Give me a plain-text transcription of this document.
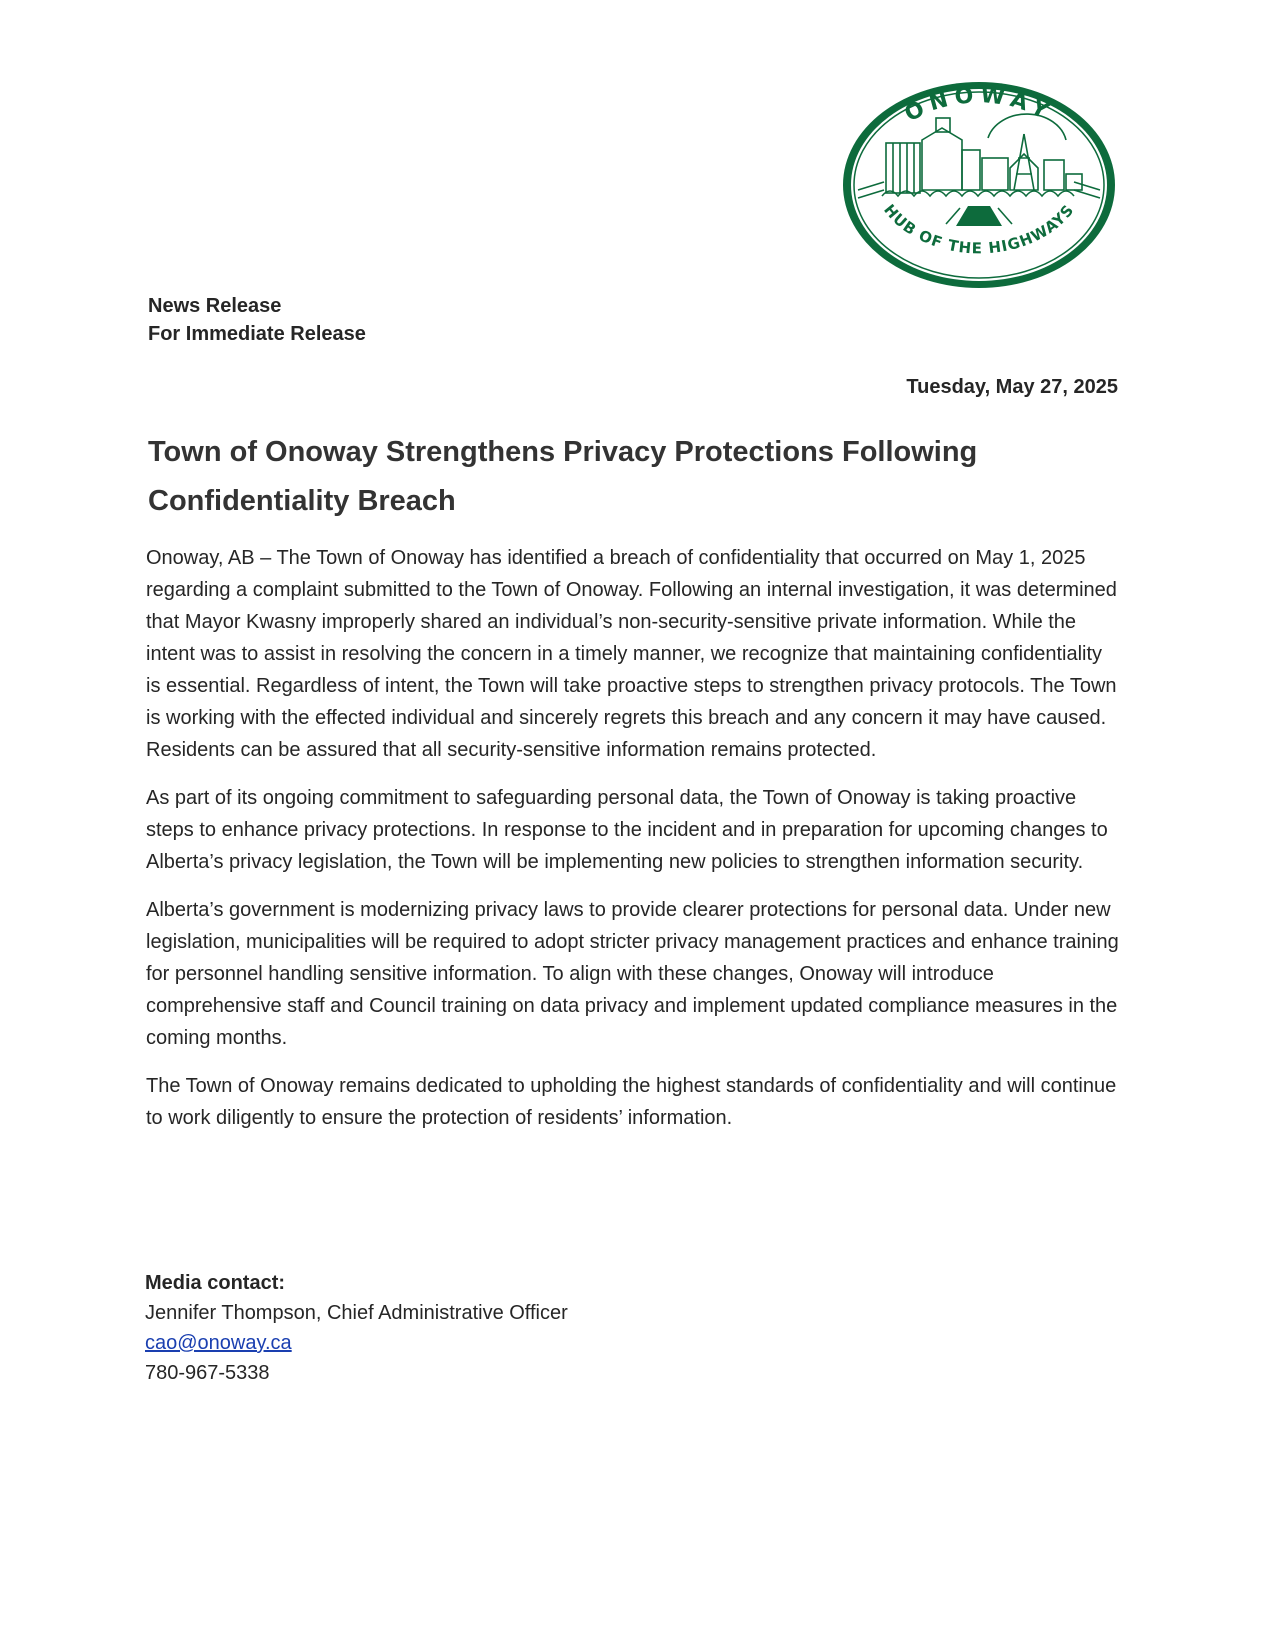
ONOWAY
HUB OF THE HIGHWAYS
News Release
For Immediate Release
Tuesday, May 27, 2025
Town of Onoway Strengthens Privacy Protections Following Confidentiality Breach

Onoway, AB – The Town of Onoway has identified a breach of confidentiality that occurred on May 1, 2025 regarding a complaint submitted to the Town of Onoway. Following an internal investigation, it was determined that Mayor Kwasny improperly shared an individual’s non-security-sensitive private information. While the intent was to assist in resolving the concern in a timely manner, we recognize that maintaining confidentiality is essential. Regardless of intent, the Town will take proactive steps to strengthen privacy protocols. The Town is working with the effected individual and sincerely regrets this breach and any concern it may have caused. Residents can be assured that all security-sensitive information remains protected.

As part of its ongoing commitment to safeguarding personal data, the Town of Onoway is taking proactive steps to enhance privacy protections. In response to the incident and in preparation for upcoming changes to Alberta’s privacy legislation, the Town will be implementing new policies to strengthen information security.

Alberta’s government is modernizing privacy laws to provide clearer protections for personal data. Under new legislation, municipalities will be required to adopt stricter privacy management practices and enhance training for personnel handling sensitive information. To align with these changes, Onoway will introduce comprehensive staff and Council training on data privacy and implement updated compliance measures in the coming months.

The Town of Onoway remains dedicated to upholding the highest standards of confidentiality and will continue to work diligently to ensure the protection of residents’ information.

Media contact:
Jennifer Thompson, Chief Administrative Officer
cao@onoway.ca
780-967-5338
